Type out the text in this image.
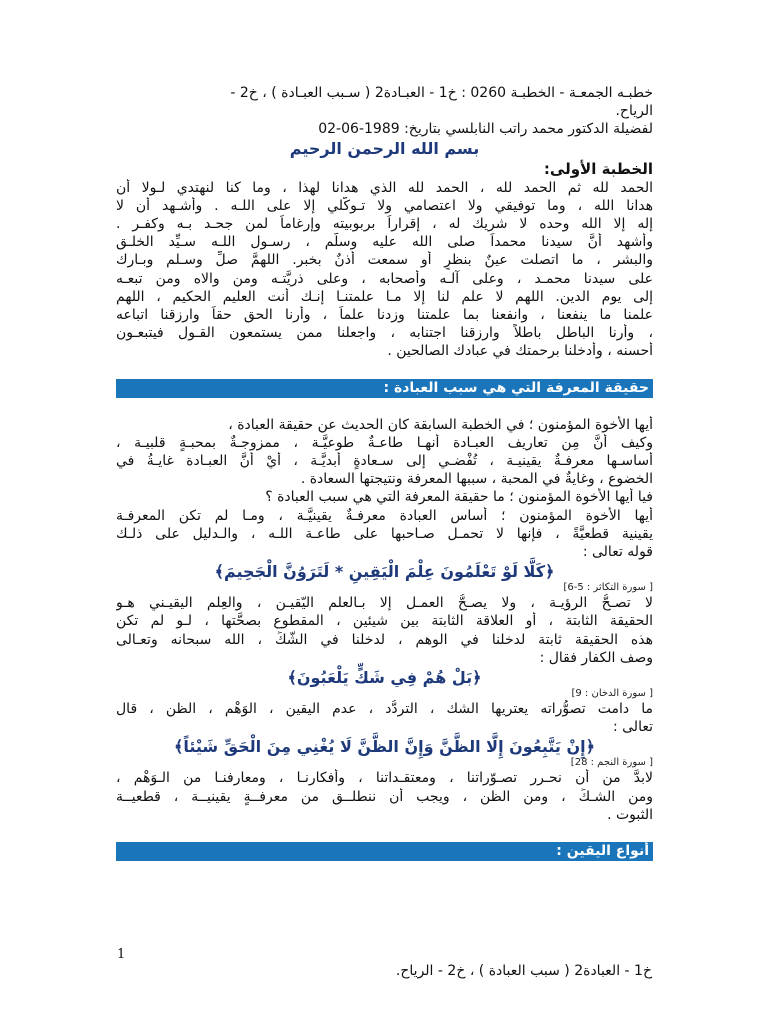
خطبـه الجمعـة - الخطبـة 0260 : خ1 - العبـادة2 ( سـبب العبـادة ) ، خ2 -
الرياح.
لفضيلة الدكتور محمد راتب النابلسي بتاريخ: 1989-06-02
بسم الله الرحمن الرحيم
الخطبة الأولى:
الحمد لله ثم الحمد لله ، الحمد لله الذي هدانا لهذا ، وما كنا لنهتدي لـولا أن
هدانا الله ، وما توفيقي ولا اعتصامي ولا تـوكّلي إلا على اللـه . وأشـهد أن لا
إله إلا الله وحده لا شريك له ، إقراراً بربوبيته وإرغاماً لمن جحـد بـه وكفـر .
وأشهد أنَّ سيدنا محمداً صلى الله عليه وسلّم ، رسـول اللـه سـيِّد الخلـق
والبشر ، ما اتصلت عينٌ بنظرٍ أو سمعت أذنٌ بخبر. اللهمَّ صلِّ وسـلم وبـارك
على سيدنا محمـد ، وعلى آلـه وأصحابه ، وعلى ذريَّتـه ومن والاه ومن تبعـه
إلى يوم الدين. اللهم لا علم لنا إلا مـا علمتنـا إنـك أنت العليم الحكيم ، اللهم
علمنا ما ينفعنا ، وانفعنا بما علمتنا وزدنا علماً ، وأرنا الحق حقاً وارزقنا اتباعه
، وأرنا الباطل باطلاً وارزقنا اجتنابه ، واجعلنا ممن يستمعون القـول فيتبعـون
أحسنه ، وأدخلنا برحمتك في عبادك الصالحين .
حقيقة المعرفة التي هي سبب العبادة :
أيها الأخوة المؤمنون ؛ في الخطبة السابقة كان الحديث عن حقيقة العبادة ،
وكيف أنَّ مِن تعاريف العبـادة أنهـا طاعـةٌ طوعيَّـة ، ممزوجـةٌ بمحبـةٍ قلبيـة ،
أساسـها معرفـةٌ يقينيـة ، تُفْضـي إلى سـعادةٍ أبديَّـة ، أيْ أنَّ العبـادة غايـةُ في
الخضوع ، وغايةٌ في المحبة ، سببها المعرفة ونتيجتها السعادة .
فيا أيها الأخوة المؤمنون ؛ ما حقيقة المعرفة التي هي سبب العبادة ؟
أيها الأخوة المؤمنون ؛ أساس العبادة معرفـةٌ يقينيَّـة ، ومـا لم تكن المعرفـة
يقينية قطعيَّةً ، فإنها لا تحمـل صـاحبها على طاعـة اللـه ، والـدليل على ذلـك
قوله تعالى :
﴿كَلَّا لَوْ تَعْلَمُونَ عِلْمَ الْيَقِينِ * لَتَرَوُنَّ الْجَحِيمَ﴾
[ سورة التكاثر : 5-6]
لا تصـحُّ الرؤيـة ، ولا يصـحُّ العمـل إلا بـالعلم اليّقيـن ، والعِلم اليقيـني هـو
الحقيقة الثابتة ، أو العلاقة الثابتة بين شيئين ، المقطوع بصحَّتها ، لـو لم تكن
هذه الحقيقة ثابتة لدخلنا في الوهم ، لدخلنا في الشَّكِّ ، الله سبحانه وتعـالى
وصف الكفار فقال :
﴿بَلْ هُمْ فِي شَكٍّ يَلْعَبُونَ﴾
[ سورة الدخان : 9]
ما دامت تصوُّراته يعتريها الشك ، التردُّد ، عدم اليقين ، الوَهْم ، الظن ، قال
تعالى :
﴿إِنْ يَتَّبِعُونَ إِلَّا الظَّنَّ وَإِنَّ الظَّنَّ لَا يُغْنِي مِنَ الْحَقِّ شَيْئاً﴾
[ سورة النجم : 28]
لابدَّ من أن نحـرر تصـوّراتنا ، ومعتقـداتنا ، وأفكارنـا ، ومعارفنـا من الـوَهْم ،
ومن الشـكِّ ، ومن الظن ، ويجب أن ننطلــق من معرفــةٍ يقينيــة ، قطعيــة
الثبوت .
أنواع اليقين :
1
خ1 - العبادة2 ( سبب العبادة ) ، خ2 - الرياح.
